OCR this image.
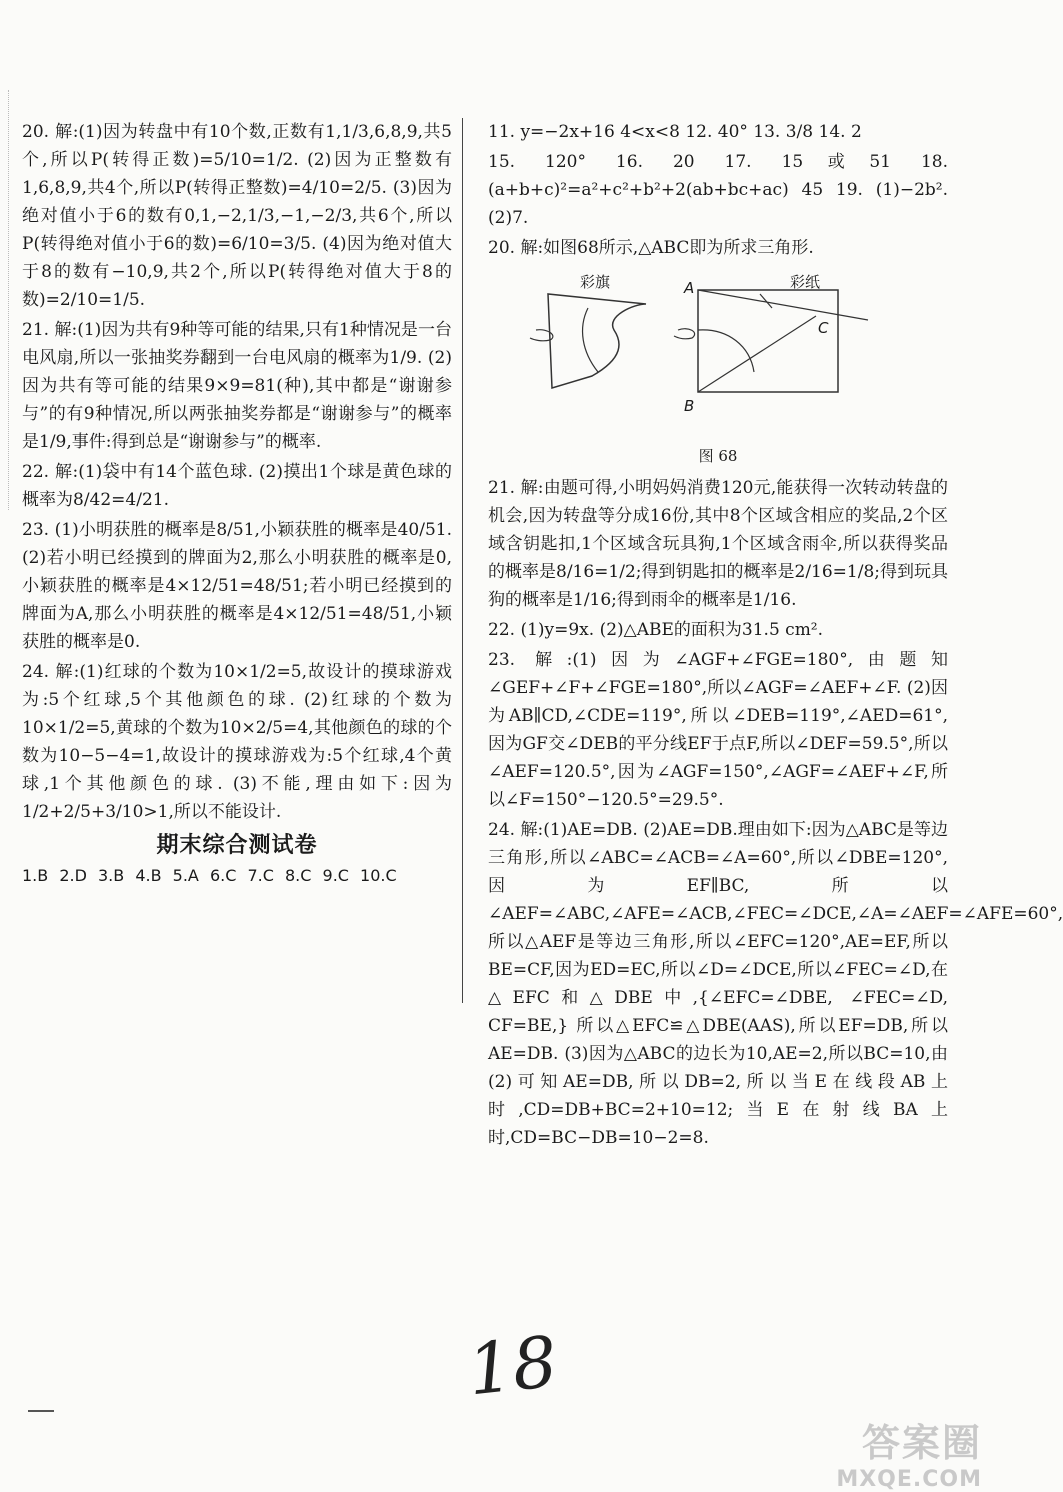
20. 解:(1)因为转盘中有10个数,正数有1,1/3,6,8,9,共5个,所以P(转得正数)=5/10=1/2. (2)因为正整数有1,6,8,9,共4个,所以P(转得正整数)=4/10=2/5. (3)因为绝对值小于6的数有0,1,−2,1/3,−1,−2/3,共6个,所以P(转得绝对值小于6的数)=6/10=3/5. (4)因为绝对值大于8的数有−10,9,共2个,所以P(转得绝对值大于8的数)=2/10=1/5.

21. 解:(1)因为共有9种等可能的结果,只有1种情况是一台电风扇,所以一张抽奖券翻到一台电风扇的概率为1/9. (2)因为共有等可能的结果9×9=81(种),其中都是“谢谢参与”的有9种情况,所以两张抽奖券都是“谢谢参与”的概率是1/9,事件:得到总是“谢谢参与”的概率.

22. 解:(1)袋中有14个蓝色球. (2)摸出1个球是黄色球的概率为8/42=4/21.

23. (1)小明获胜的概率是8/51,小颖获胜的概率是40/51. (2)若小明已经摸到的牌面为2,那么小明获胜的概率是0,小颖获胜的概率是4×12/51=48/51;若小明已经摸到的牌面为A,那么小明获胜的概率是4×12/51=48/51,小颖获胜的概率是0.

24. 解:(1)红球的个数为10×1/2=5,故设计的摸球游戏为:5个红球,5个其他颜色的球. (2)红球的个数为10×1/2=5,黄球的个数为10×2/5=4,其他颜色的球的个数为10−5−4=1,故设计的摸球游戏为:5个红球,4个黄球,1个其他颜色的球. (3)不能,理由如下:因为1/2+2/5+3/10>1,所以不能设计.

期末综合测试卷
1.B 2.D 3.B 4.B 5.A 6.C 7.C 8.C 9.C 10.C

11. y=−2x+16 4<x<8 12. 40° 13. 3/8 14. 2

15. 120° 16. 20 17. 15或51 18. (a+b+c)²=a²+c²+b²+2(ab+bc+ac) 45 19. (1)−2b². (2)7.

20. 解:如图68所示,△ABC即为所求三角形.

彩旗	彩纸
A
B
C
图 68

21. 解:由题可得,小明妈妈消费120元,能获得一次转动转盘的机会,因为转盘等分成16份,其中8个区域含相应的奖品,2个区域含钥匙扣,1个区域含玩具狗,1个区域含雨伞,所以获得奖品的概率是8/16=1/2;得到钥匙扣的概率是2/16=1/8;得到玩具狗的概率是1/16;得到雨伞的概率是1/16.

22. (1)y=9x. (2)△ABE的面积为31.5 cm².

23. 解:(1)因为∠AGF+∠FGE=180°,由题知∠GEF+∠F+∠FGE=180°,所以∠AGF=∠AEF+∠F. (2)因为AB∥CD,∠CDE=119°,所以∠DEB=119°,∠AED=61°,因为GF交∠DEB的平分线EF于点F,所以∠DEF=59.5°,所以∠AEF=120.5°,因为∠AGF=150°,∠AGF=∠AEF+∠F,所以∠F=150°−120.5°=29.5°.

24. 解:(1)AE=DB. (2)AE=DB.理由如下:因为△ABC是等边三角形,所以∠ABC=∠ACB=∠A=60°,所以∠DBE=120°,因为EF∥BC,所以∠AEF=∠ABC,∠AFE=∠ACB,∠FEC=∠DCE,∠A=∠AEF=∠AFE=60°,所以△AEF是等边三角形,所以∠EFC=120°,AE=EF,所以BE=CF,因为ED=EC,所以∠D=∠DCE,所以∠FEC=∠D,在△EFC和△DBE中,{∠EFC=∠DBE, ∠FEC=∠D, CF=BE,} 所以△EFC≌△DBE(AAS),所以EF=DB,所以AE=DB. (3)因为△ABC的边长为10,AE=2,所以BC=10,由(2)可知AE=DB,所以DB=2,所以当E在线段AB上时,CD=DB+BC=2+10=12;当E在射线BA上时,CD=BC−DB=10−2=8.

18
答案圈
MXQE.COM
